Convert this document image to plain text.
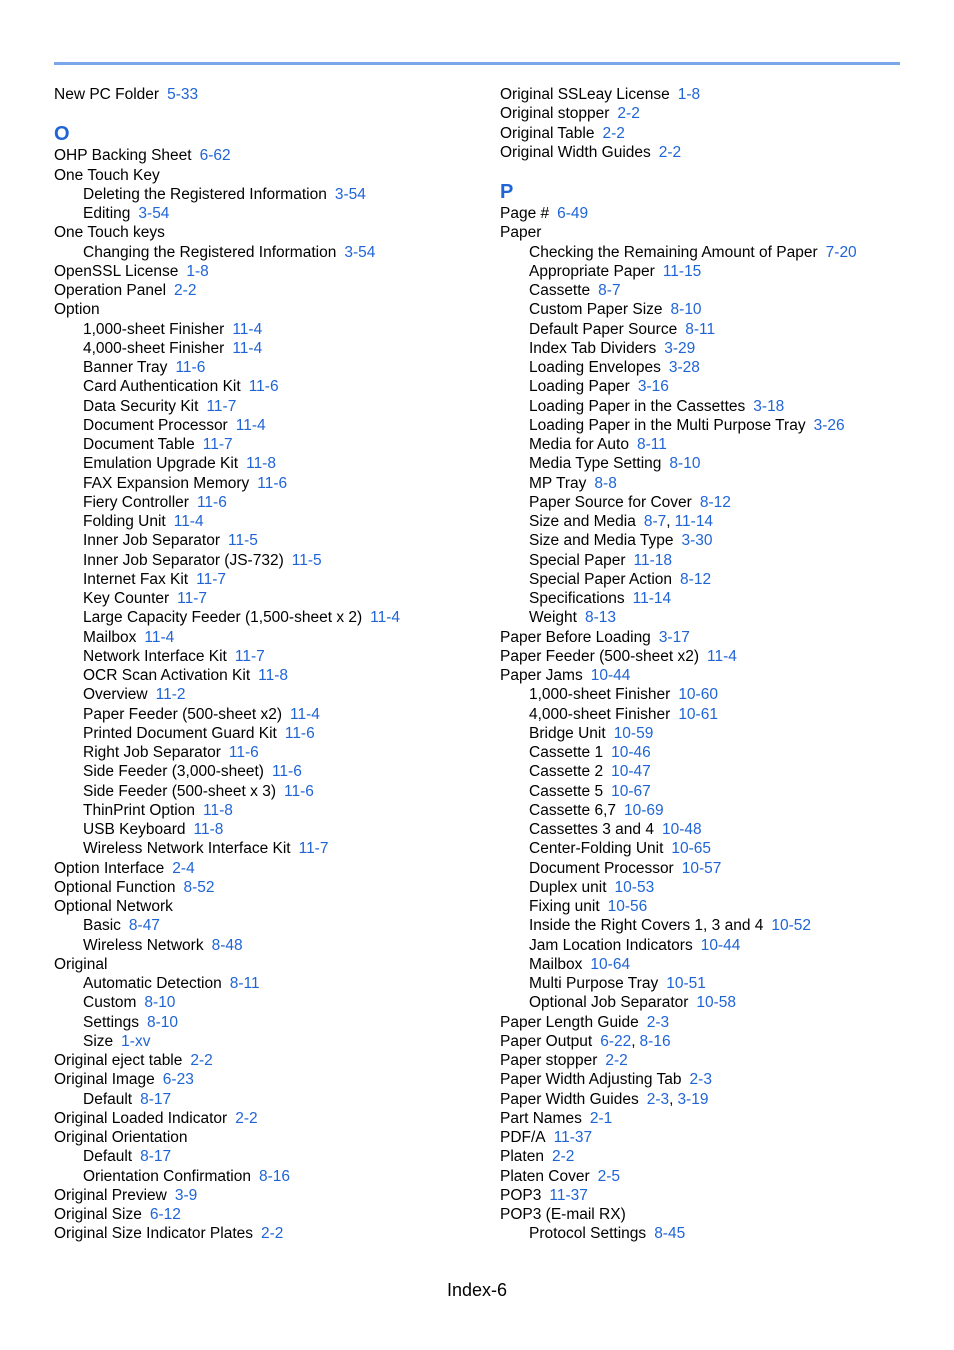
New PC Folder 5-33
O
OHP Backing Sheet 6-62
One Touch Key
Deleting the Registered Information 3-54
Editing 3-54
One Touch keys
Changing the Registered Information 3-54
OpenSSL License 1-8
Operation Panel 2-2
Option
1,000-sheet Finisher 11-4
4,000-sheet Finisher 11-4
Banner Tray 11-6
Card Authentication Kit 11-6
Data Security Kit 11-7
Document Processor 11-4
Document Table 11-7
Emulation Upgrade Kit 11-8
FAX Expansion Memory 11-6
Fiery Controller 11-6
Folding Unit 11-4
Inner Job Separator 11-5
Inner Job Separator (JS-732) 11-5
Internet Fax Kit 11-7
Key Counter 11-7
Large Capacity Feeder (1,500-sheet x 2) 11-4
Mailbox 11-4
Network Interface Kit 11-7
OCR Scan Activation Kit 11-8
Overview 11-2
Paper Feeder (500-sheet x2) 11-4
Printed Document Guard Kit 11-6
Right Job Separator 11-6
Side Feeder (3,000-sheet) 11-6
Side Feeder (500-sheet x 3) 11-6
ThinPrint Option 11-8
USB Keyboard 11-8
Wireless Network Interface Kit 11-7
Option Interface 2-4
Optional Function 8-52
Optional Network
Basic 8-47
Wireless Network 8-48
Original
Automatic Detection 8-11
Custom 8-10
Settings 8-10
Size 1-xv
Original eject table 2-2
Original Image 6-23
Default 8-17
Original Loaded Indicator 2-2
Original Orientation
Default 8-17
Orientation Confirmation 8-16
Original Preview 3-9
Original Size 6-12
Original Size Indicator Plates 2-2
Original SSLeay License 1-8
Original stopper 2-2
Original Table 2-2
Original Width Guides 2-2
P
Page # 6-49
Paper
Checking the Remaining Amount of Paper 7-20
Appropriate Paper 11-15
Cassette 8-7
Custom Paper Size 8-10
Default Paper Source 8-11
Index Tab Dividers 3-29
Loading Envelopes 3-28
Loading Paper 3-16
Loading Paper in the Cassettes 3-18
Loading Paper in the Multi Purpose Tray 3-26
Media for Auto 8-11
Media Type Setting 8-10
MP Tray 8-8
Paper Source for Cover 8-12
Size and Media 8-7, 11-14
Size and Media Type 3-30
Special Paper 11-18
Special Paper Action 8-12
Specifications 11-14
Weight 8-13
Paper Before Loading 3-17
Paper Feeder (500-sheet x2) 11-4
Paper Jams 10-44
1,000-sheet Finisher 10-60
4,000-sheet Finisher 10-61
Bridge Unit 10-59
Cassette 1 10-46
Cassette 2 10-47
Cassette 5 10-67
Cassette 6,7 10-69
Cassettes 3 and 4 10-48
Center-Folding Unit 10-65
Document Processor 10-57
Duplex unit 10-53
Fixing unit 10-56
Inside the Right Covers 1, 3 and 4 10-52
Jam Location Indicators 10-44
Mailbox 10-64
Multi Purpose Tray 10-51
Optional Job Separator 10-58
Paper Length Guide 2-3
Paper Output 6-22, 8-16
Paper stopper 2-2
Paper Width Adjusting Tab 2-3
Paper Width Guides 2-3, 3-19
Part Names 2-1
PDF/A 11-37
Platen 2-2
Platen Cover 2-5
POP3 11-37
POP3 (E-mail RX)
Protocol Settings 8-45
Index-6
